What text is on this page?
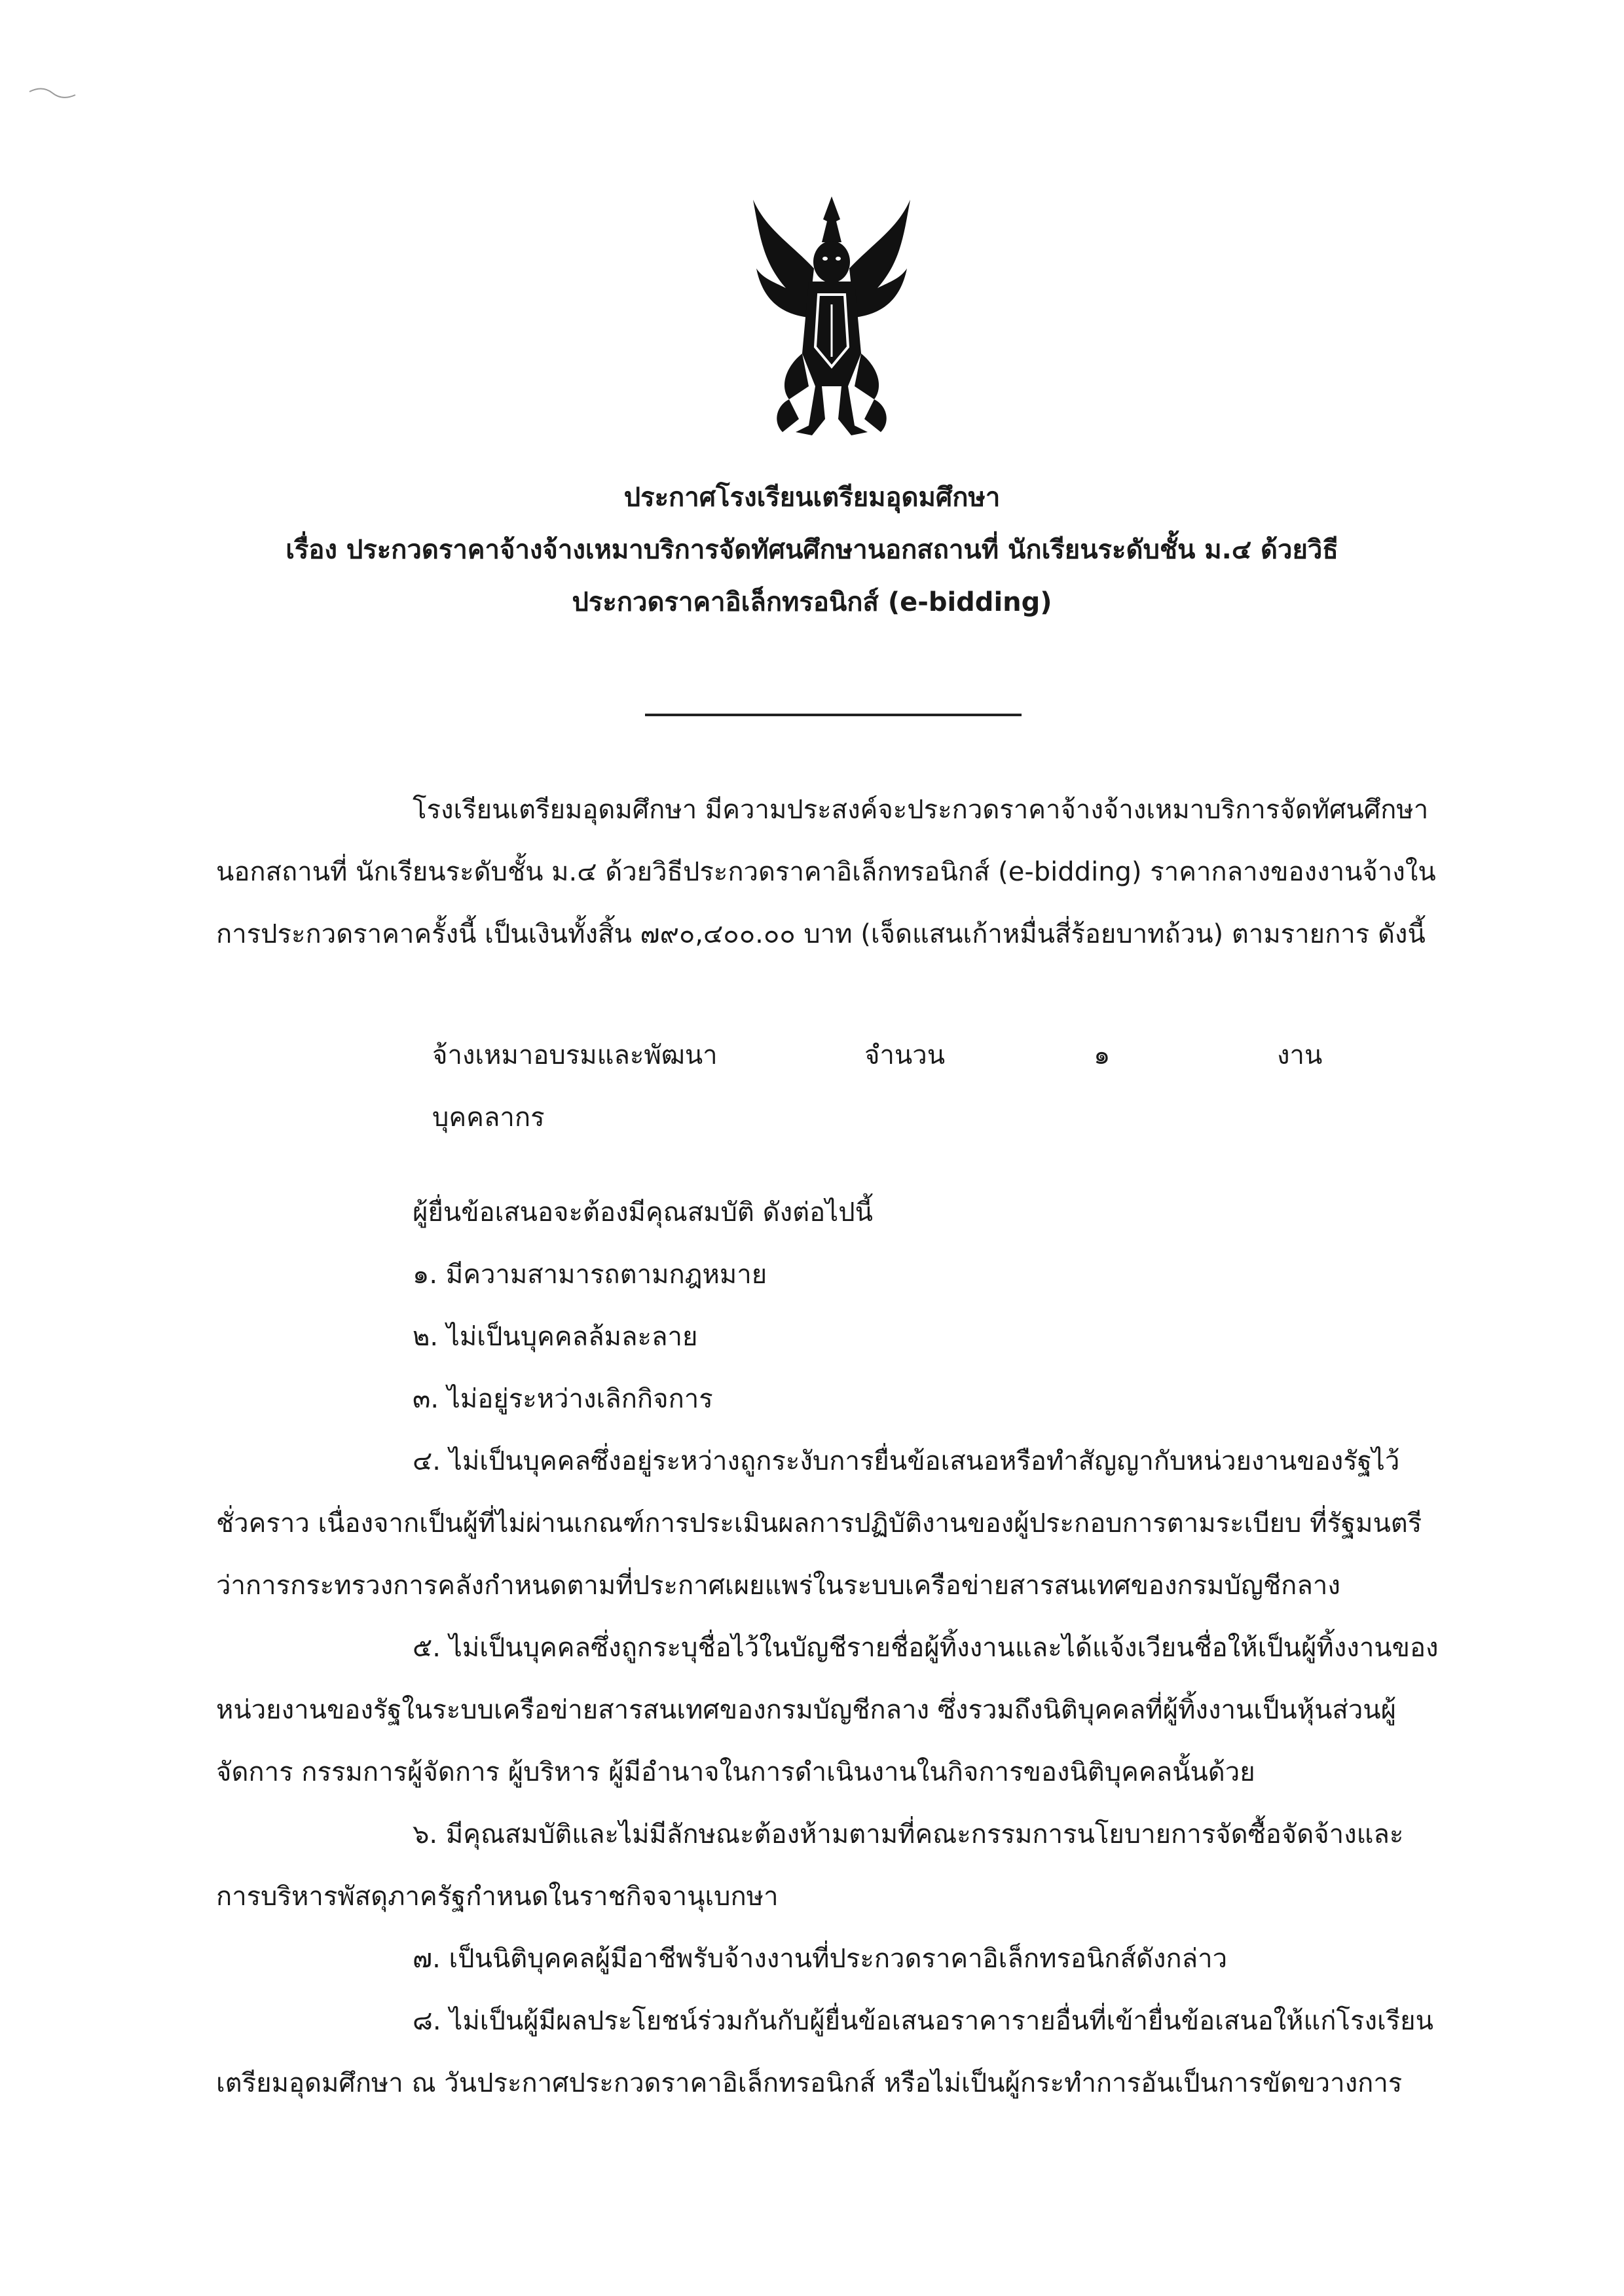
ประกาศโรงเรียนเตรียมอุดมศึกษา
เรื่อง ประกวดราคาจ้างจ้างเหมาบริการจัดทัศนศึกษานอกสถานที่ นักเรียนระดับชั้น ม.๔ ด้วยวิธี
ประกวดราคาอิเล็กทรอนิกส์ (e-bidding)

โรงเรียนเตรียมอุดมศึกษา มีความประสงค์จะประกวดราคาจ้างจ้างเหมาบริการจัดทัศนศึกษานอกสถานที่ นักเรียนระดับชั้น ม.๔ ด้วยวิธีประกวดราคาอิเล็กทรอนิกส์ (e-bidding) ราคากลางของงานจ้างในการประกวดราคาครั้งนี้ เป็นเงินทั้งสิ้น ๗๙๐,๔๐๐.๐๐ บาท (เจ็ดแสนเก้าหมื่นสี่ร้อยบาทถ้วน) ตามรายการ ดังนี้

จ้างเหมาอบรมและพัฒนา	จำนวน	๑	งาน
บุคคลากร
ผู้ยื่นข้อเสนอจะต้องมีคุณสมบัติ ดังต่อไปนี้

๑. มีความสามารถตามกฎหมาย

๒. ไม่เป็นบุคคลล้มละลาย

๓. ไม่อยู่ระหว่างเลิกกิจการ

๔. ไม่เป็นบุคคลซึ่งอยู่ระหว่างถูกระงับการยื่นข้อเสนอหรือทำสัญญากับหน่วยงานของรัฐไว้ชั่วคราว เนื่องจากเป็นผู้ที่ไม่ผ่านเกณฑ์การประเมินผลการปฏิบัติงานของผู้ประกอบการตามระเบียบ ที่รัฐมนตรีว่าการกระทรวงการคลังกำหนดตามที่ประกาศเผยแพร่ในระบบเครือข่ายสารสนเทศของกรมบัญชีกลาง

๕. ไม่เป็นบุคคลซึ่งถูกระบุชื่อไว้ในบัญชีรายชื่อผู้ทิ้งงานและได้แจ้งเวียนชื่อให้เป็นผู้ทิ้งงานของหน่วยงานของรัฐในระบบเครือข่ายสารสนเทศของกรมบัญชีกลาง ซึ่งรวมถึงนิติบุคคลที่ผู้ทิ้งงานเป็นหุ้นส่วนผู้จัดการ กรรมการผู้จัดการ ผู้บริหาร ผู้มีอำนาจในการดำเนินงานในกิจการของนิติบุคคลนั้นด้วย

๖. มีคุณสมบัติและไม่มีลักษณะต้องห้ามตามที่คณะกรรมการนโยบายการจัดซื้อจัดจ้างและการบริหารพัสดุภาครัฐกำหนดในราชกิจจานุเบกษา

๗. เป็นนิติบุคคลผู้มีอาชีพรับจ้างงานที่ประกวดราคาอิเล็กทรอนิกส์ดังกล่าว

๘. ไม่เป็นผู้มีผลประโยชน์ร่วมกันกับผู้ยื่นข้อเสนอราคารายอื่นที่เข้ายื่นข้อเสนอให้แก่โรงเรียนเตรียมอุดมศึกษา ณ วันประกาศประกวดราคาอิเล็กทรอนิกส์ หรือไม่เป็นผู้กระทำการอันเป็นการขัดขวางการ
